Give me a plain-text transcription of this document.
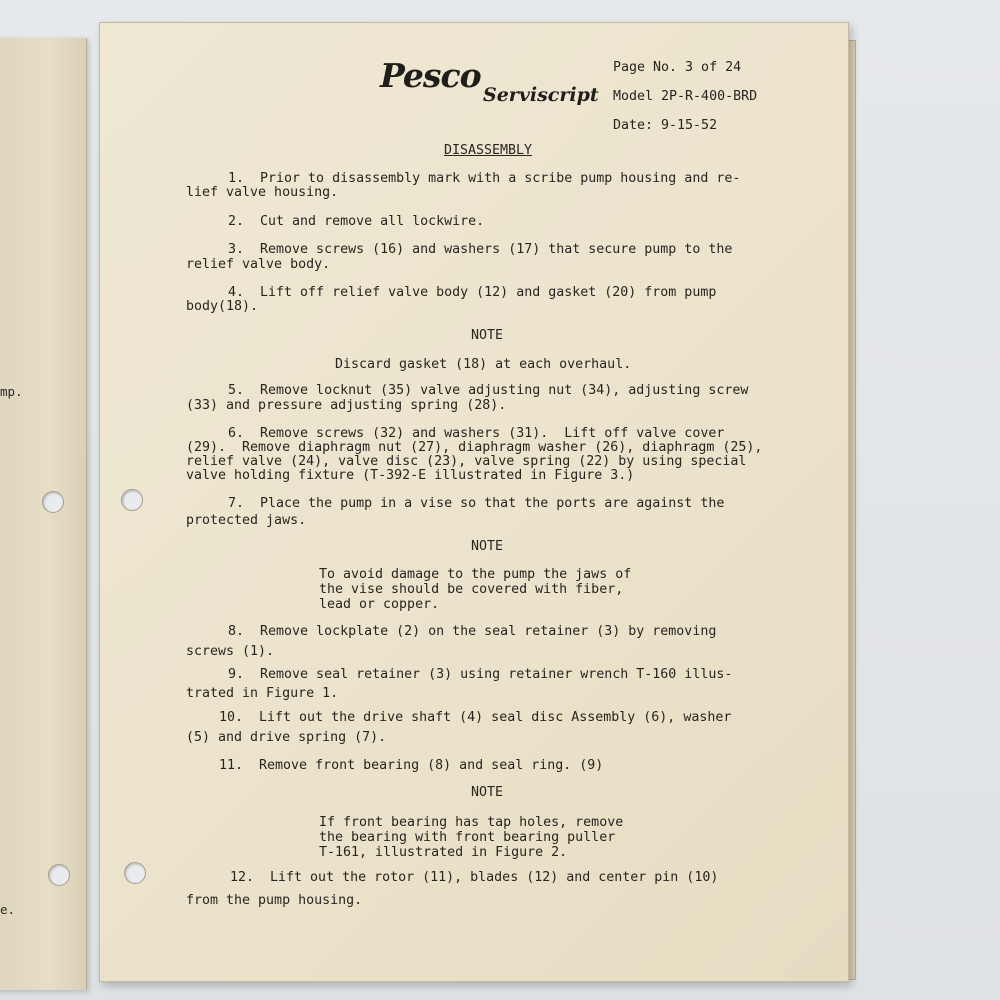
mp.
e.
Pesco Serviscript
Page No. 3 of 24
Model 2P-R-400-BRD
Date: 9-15-52
DISASSEMBLY
1.  Prior to disassembly mark with a scribe pump housing and re-
lief valve housing.
2.  Cut and remove all lockwire.
3.  Remove screws (16) and washers (17) that secure pump to the
relief valve body.
4.  Lift off relief valve body (12) and gasket (20) from pump
body(18).
NOTE
Discard gasket (18) at each overhaul.
5.  Remove locknut (35) valve adjusting nut (34), adjusting screw
(33) and pressure adjusting spring (28).
6.  Remove screws (32) and washers (31).  Lift off valve cover
(29).  Remove diaphragm nut (27), diaphragm washer (26), diaphragm (25),
relief valve (24), valve disc (23), valve spring (22) by using special
valve holding fixture (T-392-E illustrated in Figure 3.)
7.  Place the pump in a vise so that the ports are against the
protected jaws.
NOTE
To avoid damage to the pump the jaws of
the vise should be covered with fiber,
lead or copper.
8.  Remove lockplate (2) on the seal retainer (3) by removing
screws (1).
9.  Remove seal retainer (3) using retainer wrench T-160 illus-
trated in Figure 1.
10.  Lift out the drive shaft (4) seal disc Assembly (6), washer
(5) and drive spring (7).
11.  Remove front bearing (8) and seal ring. (9)
NOTE
If front bearing has tap holes, remove
the bearing with front bearing puller
T-161, illustrated in Figure 2.
12.  Lift out the rotor (11), blades (12) and center pin (10)
from the pump housing.
